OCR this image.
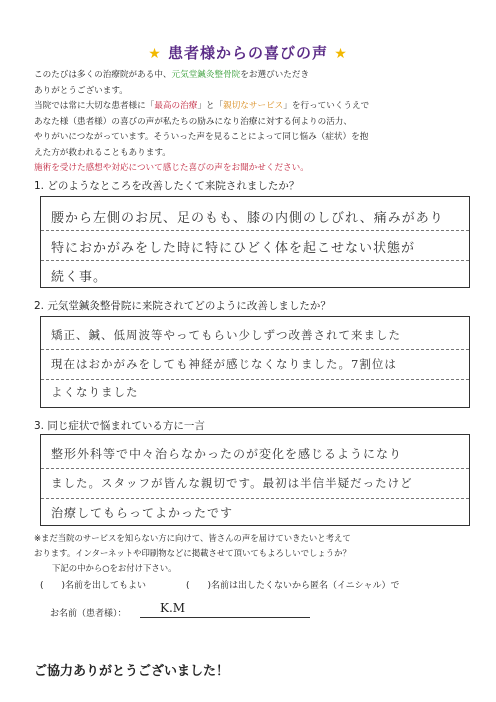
★ 患者様からの喜びの声 ★

このたびは多くの治療院がある中、元気堂鍼灸整骨院をお選びいただき

ありがとうございます。

当院では常に大切な患者様に「最高の治療」と「親切なサービス」を行っていくうえで

あなた様（患者様）の喜びの声が私たちの励みになり治療に対する何よりの活力、

やりがいにつながっています。そういった声を見ることによって同じ悩み（症状）を抱

えた方が救われることもあります。

施術を受けた感想や対応について感じた喜びの声をお聞かせください。

1. どのようなところを改善したくて来院されましたか？
腰から左側のお尻、足のもも、膝の内側のしびれ、痛みがあり
特におかがみをした時に特にひどく体を起こせない状態が
続く事。
2. 元気堂鍼灸整骨院に来院されてどのように改善しましたか？
矯正、鍼、低周波等やってもらい少しずつ改善されて来ました
現在はおかがみをしても神経が感じなくなりました。7割位は
よくなりました
3. 同じ症状で悩まれている方に一言
整形外科等で中々治らなかったのが変化を感じるようになり
ました。スタッフが皆んな親切です。最初は半信半疑だったけど
治療してもらってよかったです
※まだ当院のサービスを知らない方に向けて、皆さんの声を届けていきたいと考えて
おります。インターネットや印刷物などに掲載させて頂いてもよろしいでしょうか？
下記の中から○をお付け下さい。
(　　)名前を出してもよい	(　　)名前は出したくないから匿名（イニシャル）で
お名前（患者様）：	K.M
ご協力ありがとうございました！
